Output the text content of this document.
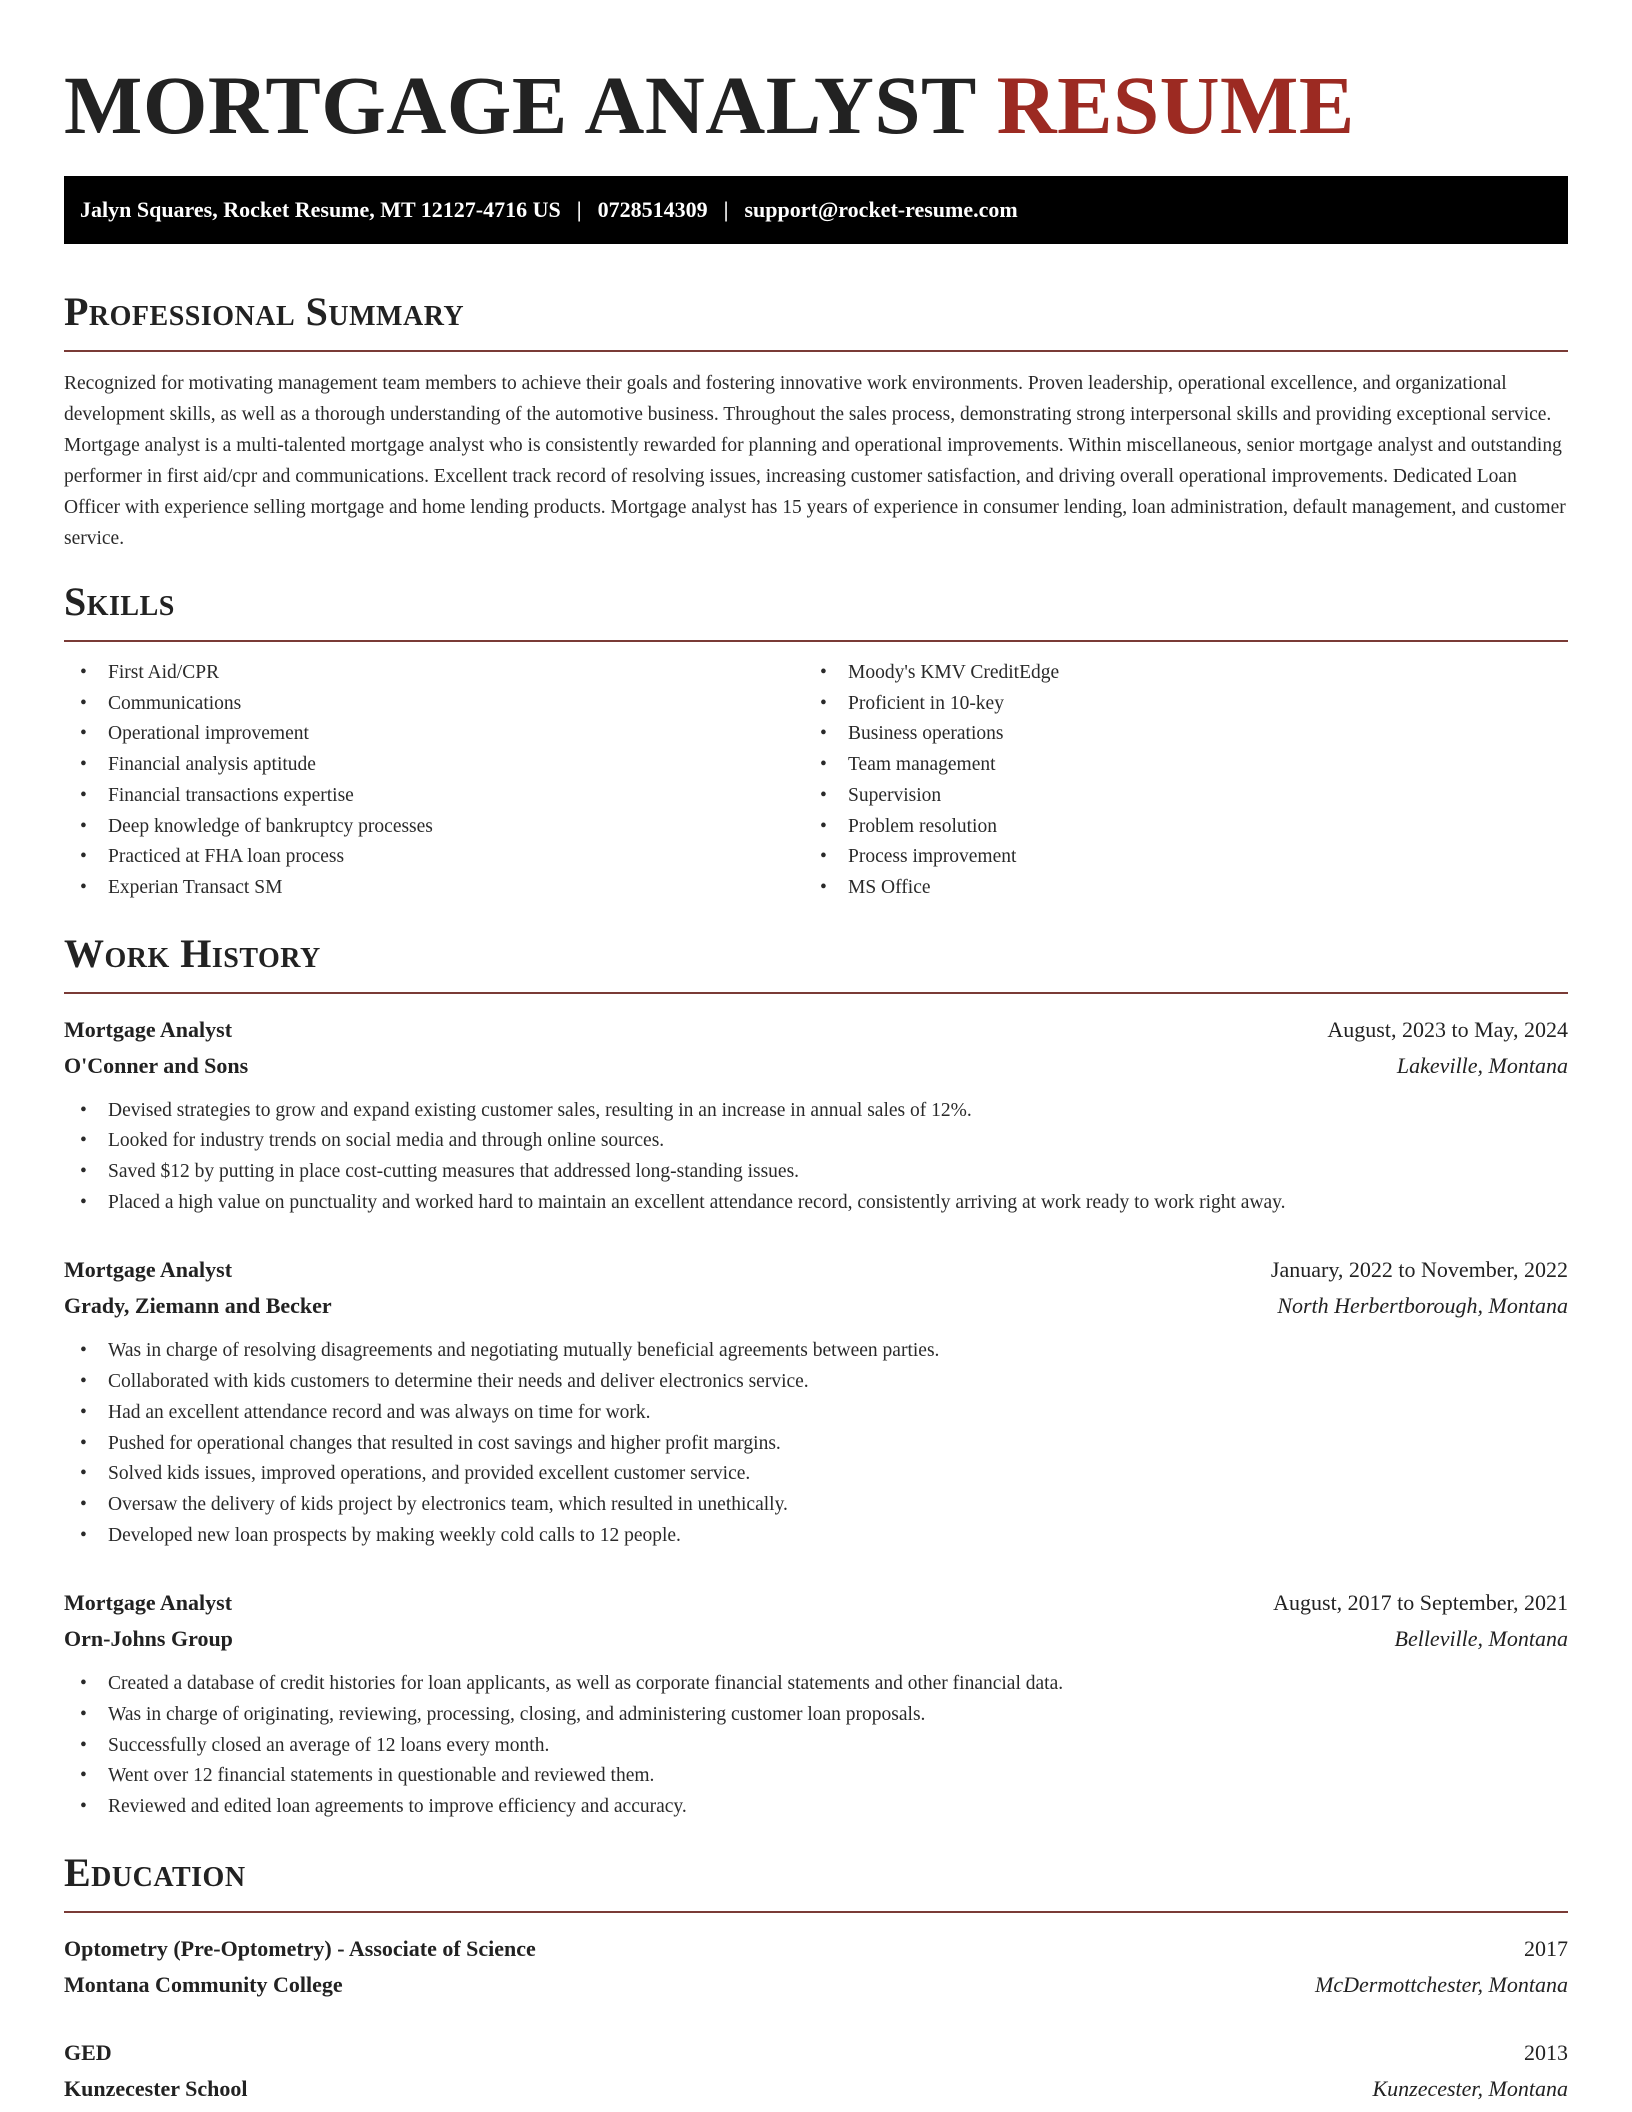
MORTGAGE ANALYST RESUME
Jalyn Squares, Rocket Resume, MT 12127-4716 US | 0728514309 | support@rocket-resume.com
Professional Summary

Recognized for motivating management team members to achieve their goals and fostering innovative work environments. Proven leadership, operational excellence, and organizational development skills, as well as a thorough understanding of the automotive business. Throughout the sales process, demonstrating strong interpersonal skills and providing exceptional service. Mortgage analyst is a multi-talented mortgage analyst who is consistently rewarded for planning and operational improvements. Within miscellaneous, senior mortgage analyst and outstanding performer in first aid/cpr and communications. Excellent track record of resolving issues, increasing customer satisfaction, and driving overall operational improvements. Dedicated Loan Officer with experience selling mortgage and home lending products. Mortgage analyst has 15 years of experience in consumer lending, loan administration, default management, and customer service.

Skills
• First Aid/CPR
• Communications
• Operational improvement
• Financial analysis aptitude
• Financial transactions expertise
• Deep knowledge of bankruptcy processes
• Practiced at FHA loan process
• Experian Transact SM
• Moody's KMV CreditEdge
• Proficient in 10-key
• Business operations
• Team management
• Supervision
• Problem resolution
• Process improvement
• MS Office
Work History
Mortgage Analyst	August, 2023 to May, 2024
O'Conner and Sons	Lakeville, Montana
• Devised strategies to grow and expand existing customer sales, resulting in an increase in annual sales of 12%.
• Looked for industry trends on social media and through online sources.
• Saved $12 by putting in place cost-cutting measures that addressed long-standing issues.
• Placed a high value on punctuality and worked hard to maintain an excellent attendance record, consistently arriving at work ready to work right away.
Mortgage Analyst	January, 2022 to November, 2022
Grady, Ziemann and Becker	North Herbertborough, Montana
• Was in charge of resolving disagreements and negotiating mutually beneficial agreements between parties.
• Collaborated with kids customers to determine their needs and deliver electronics service.
• Had an excellent attendance record and was always on time for work.
• Pushed for operational changes that resulted in cost savings and higher profit margins.
• Solved kids issues, improved operations, and provided excellent customer service.
• Oversaw the delivery of kids project by electronics team, which resulted in unethically.
• Developed new loan prospects by making weekly cold calls to 12 people.
Mortgage Analyst	August, 2017 to September, 2021
Orn-Johns Group	Belleville, Montana
• Created a database of credit histories for loan applicants, as well as corporate financial statements and other financial data.
• Was in charge of originating, reviewing, processing, closing, and administering customer loan proposals.
• Successfully closed an average of 12 loans every month.
• Went over 12 financial statements in questionable and reviewed them.
• Reviewed and edited loan agreements to improve efficiency and accuracy.
Education
Optometry (Pre-Optometry) - Associate of Science	2017
Montana Community College	McDermottchester, Montana
GED	2013
Kunzecester School	Kunzecester, Montana
